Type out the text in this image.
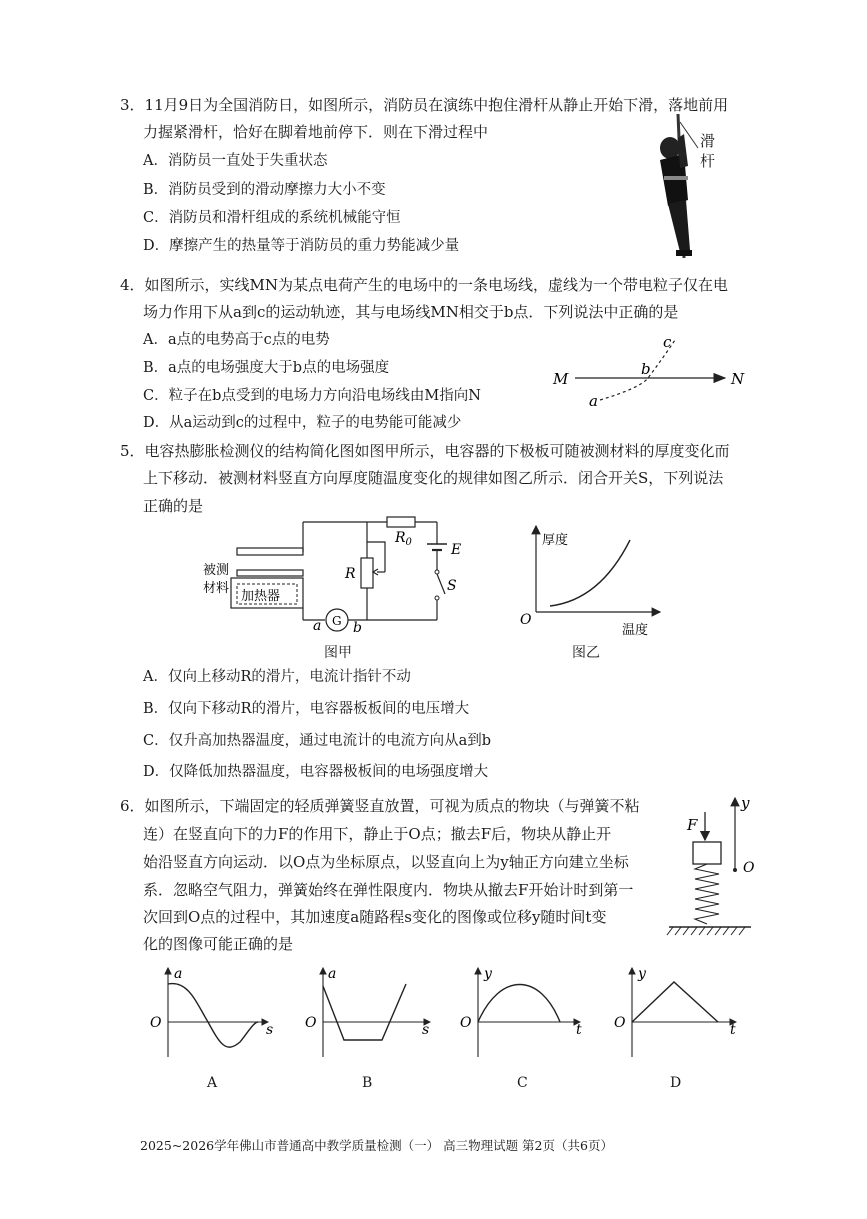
3．11月9日为全国消防日，如图所示，消防员在演练中抱住滑杆从静止开始下滑，落地前用
力握紧滑杆，恰好在脚着地前停下．则在下滑过程中
A．消防员一直处于失重状态
B．消防员受到的滑动摩擦力大小不变
C．消防员和滑杆组成的系统机械能守恒
D．摩擦产生的热量等于消防员的重力势能减少量
滑
杆
4．如图所示，实线MN为某点电荷产生的电场中的一条电场线，虚线为一个带电粒子仅在电
场力作用下从a到c的运动轨迹，其与电场线MN相交于b点．下列说法中正确的是
A．a点的电势高于c点的电势
B．a点的电场强度大于b点的电场强度
C．粒子在b点受到的电场力方向沿电场线由M指向N
D．从a运动到c的过程中，粒子的电势能可能减少
M	N
a
b
c
5．电容热膨胀检测仪的结构简化图如图甲所示，电容器的下极板可随被测材料的厚度变化而
上下移动．被测材料竖直方向厚度随温度变化的规律如图乙所示．闭合开关S，下列说法
正确的是
加热器
被测
材料
G
a b
R
$R_0$	E
S
图甲
厚度
温度
O
图乙
A．仅向上移动R的滑片，电流计指针不动
B．仅向下移动R的滑片，电容器板板间的电压增大
C．仅升高加热器温度，通过电流计的电流方向从a到b
D．仅降低加热器温度，电容器极板间的电场强度增大
6．如图所示，下端固定的轻质弹簧竖直放置，可视为质点的物块（与弹簧不粘
连）在竖直向下的力F的作用下，静止于O点；撤去F后，物块从静止开
始沿竖直方向运动．以O点为坐标原点，以竖直向上为y轴正方向建立坐标
系．忽略空气阻力，弹簧始终在弹性限度内．物块从撤去F开始计时到第一
次回到O点的过程中，其加速度a随路程s变化的图像或位移y随时间t变
化的图像可能正确的是
F
y
O
a
s
O
a
s
O
y
t
O
y
t
O
A	B	C	D
2025~2026学年佛山市普通高中教学质量检测（一） 高三物理试题 第2页（共6页）
